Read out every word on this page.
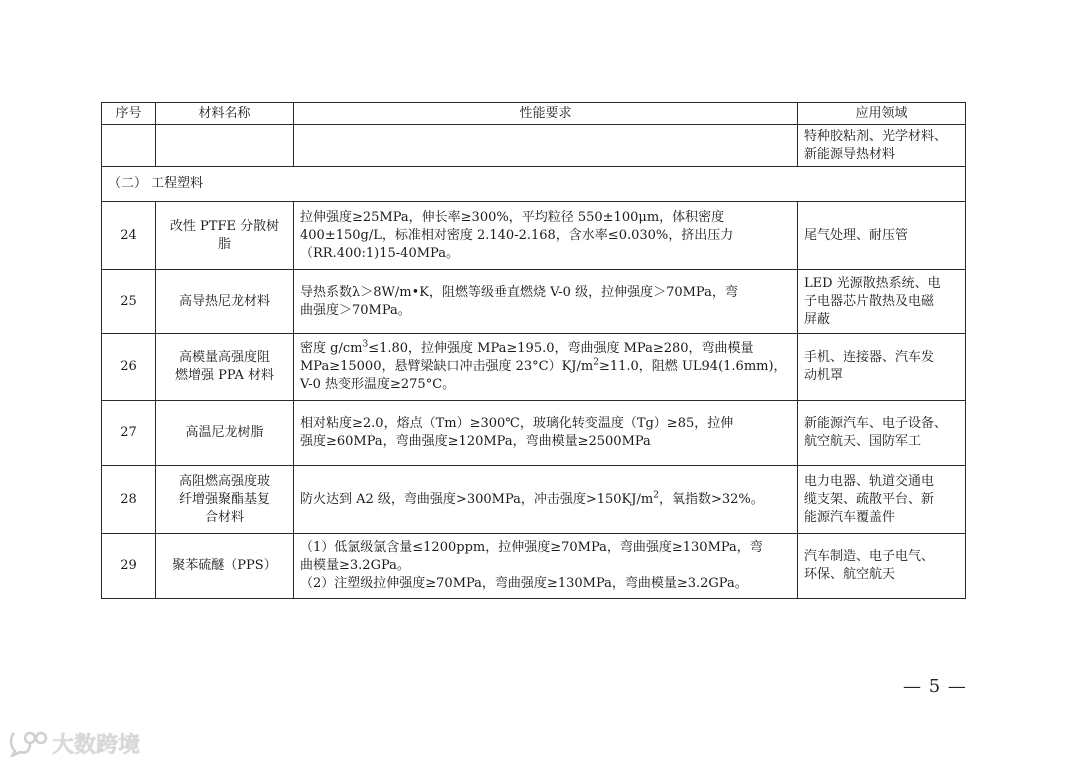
序号	材料名称	性能要求	应用领域

			特种胶粘剂、光学材料、
新能源导热材料

（二） 工程塑料			
24	改性 PTFE 分散树
脂	拉伸强度≥25MPa，伸长率≥300%，平均粒径 550±100μm，体积密度
400±150g/L，标准相对密度 2.140-2.168，含水率≤0.030%，挤出压力
（RR.400:1)15-40MPa。	尾气处理、耐压管

25	高导热尼龙材料	导热系数λ＞8W/m•K，阻燃等级垂直燃烧 V-0 级，拉伸强度＞70MPa，弯
曲强度＞70MPa。	LED 光源散热系统、电
子电器芯片散热及电磁
屏蔽

26	高模量高强度阻
燃增强 PPA 材料	密度 $g/cm^3\le 1.80$，拉伸强度 MPa≥195.0，弯曲强度 MPa≥280，弯曲模量
MPa≥15000，悬臂梁缺口冲击强度 $23^\circ C)KJ/m^2\ge 11.0$，阻燃 UL94(1.6mm)，
V-0 热变形温度≥275°C。	手机、连接器、汽车发
动机罩

27	高温尼龙树脂	相对粘度≥2.0，熔点（Tm）≥300℃，玻璃化转变温度（Tg）≥85，拉伸
强度≥60MPa，弯曲强度≥120MPa，弯曲模量≥2500MPa	新能源汽车、电子设备、
航空航天、国防军工

28	高阻燃高强度玻
纤增强聚酯基复
合材料	防火达到 A2 级，弯曲强度>300MPa，冲击强度$>150KJ/m^2$，氧指数>32%。	电力电器、轨道交通电
缆支架、疏散平台、新
能源汽车覆盖件

29	聚苯硫醚（PPS）	（1）低氯级氯含量≤1200ppm，拉伸强度≥70MPa，弯曲强度≥130MPa，弯
曲模量≥3.2GPa。
（2）注塑级拉伸强度≥70MPa，弯曲强度≥130MPa，弯曲模量≥3.2GPa。	汽车制造、电子电气、
环保、航空航天
— 5 —
大数跨境
